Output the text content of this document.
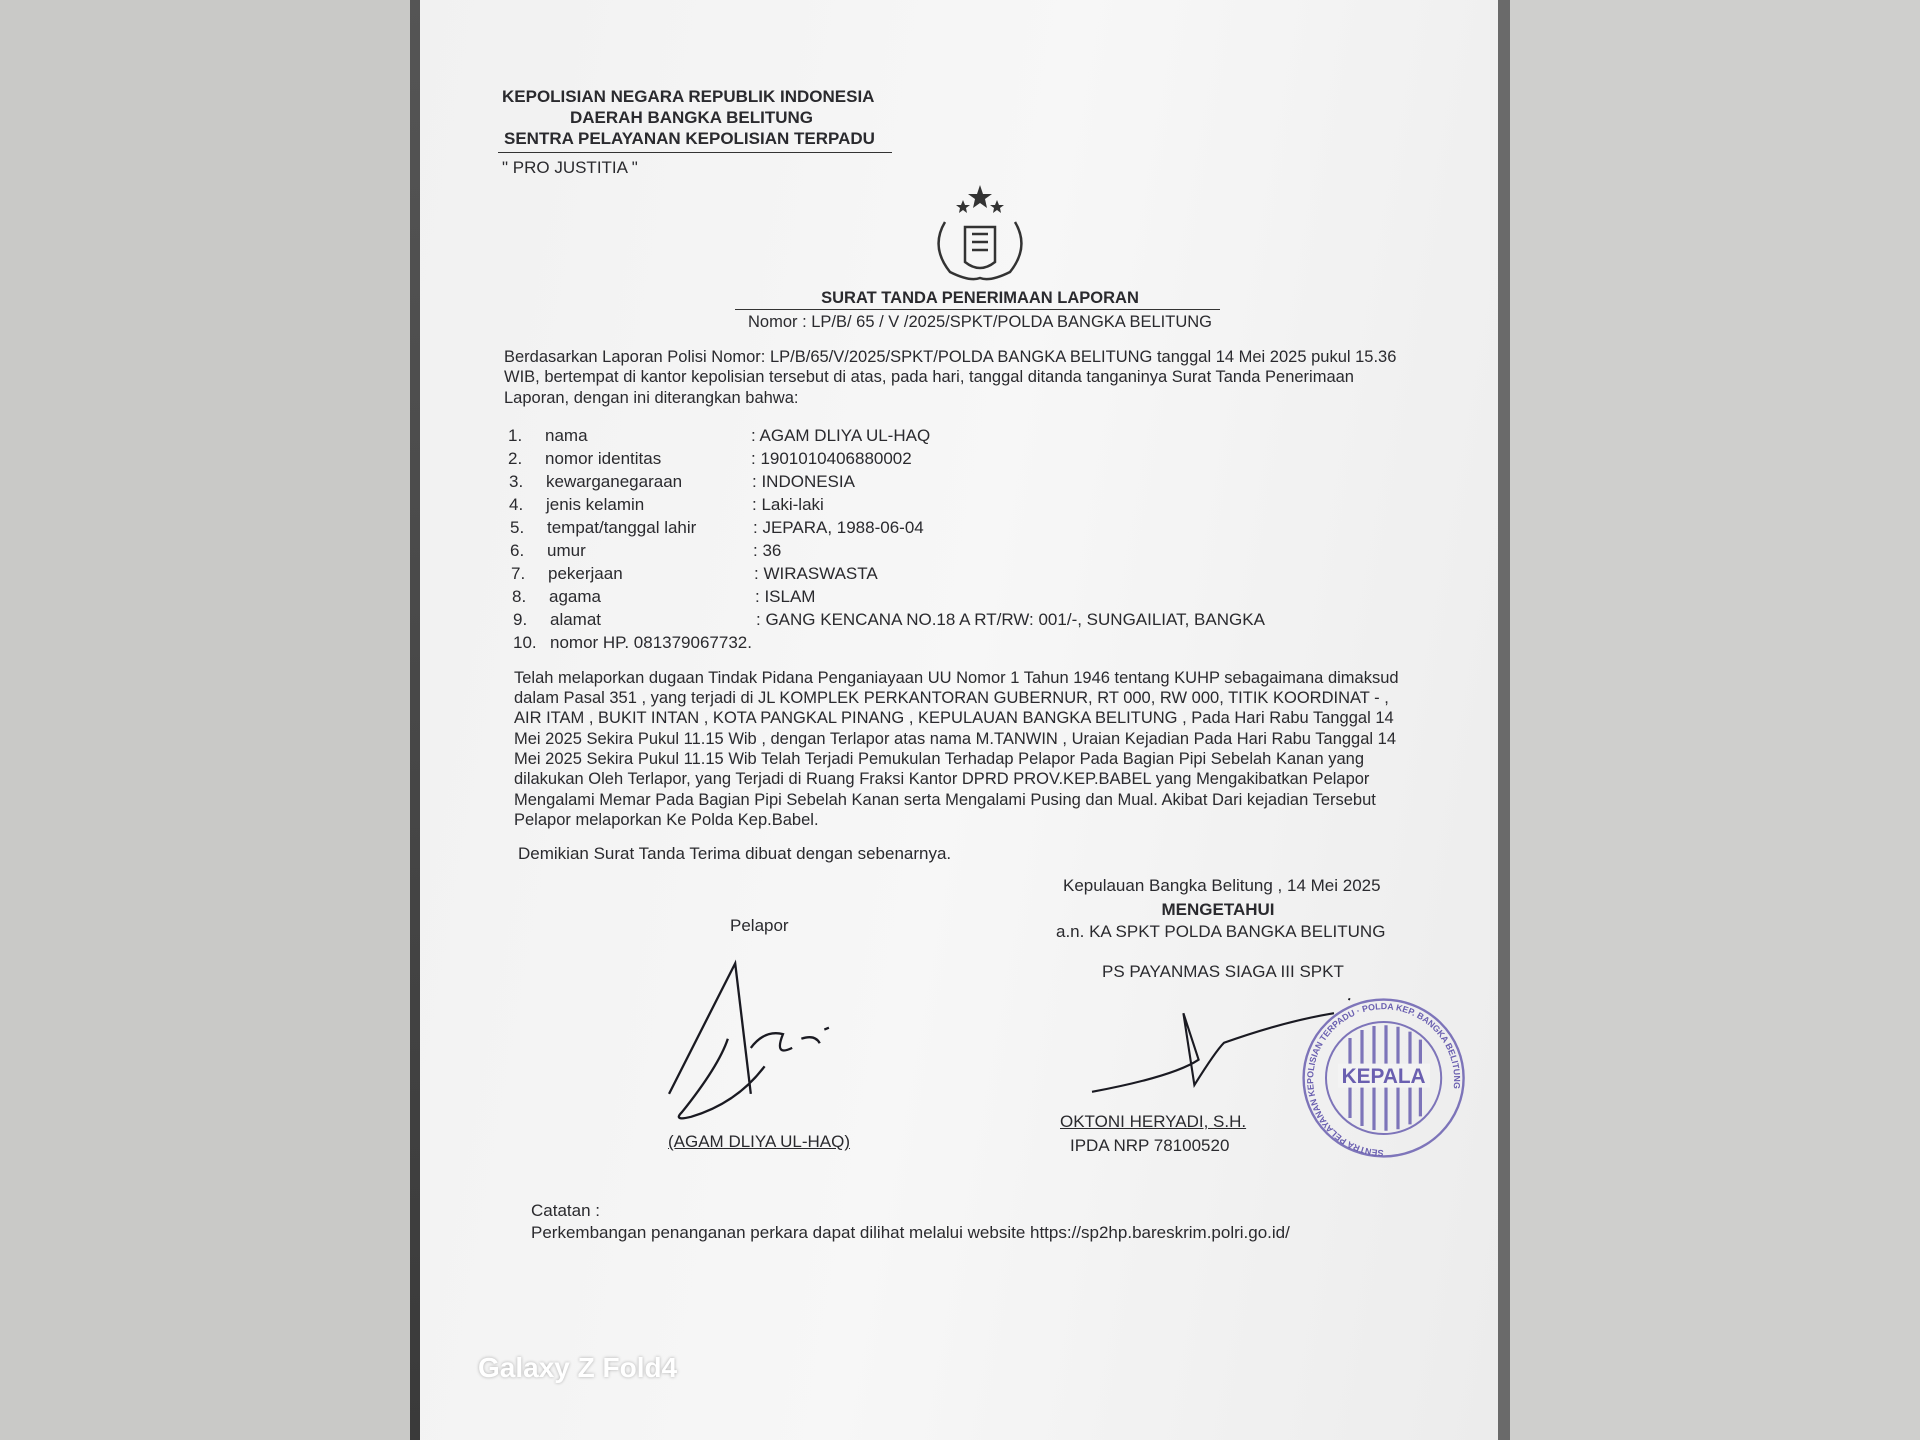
KEPOLISIAN NEGARA REPUBLIK INDONESIA
DAERAH BANGKA BELITUNG
SENTRA PELAYANAN KEPOLISIAN TERPADU
" PRO JUSTITIA "
SURAT TANDA PENERIMAAN LAPORAN
Nomor : LP/B/ 65 / V /2025/SPKT/POLDA BANGKA BELITUNG
Berdasarkan Laporan Polisi Nomor: LP/B/65/V/2025/SPKT/POLDA BANGKA BELITUNG tanggal 14 Mei 2025 pukul 15.36
WIB, bertempat di kantor kepolisian tersebut di atas, pada hari, tanggal ditanda tanganinya Surat Tanda Penerimaan
Laporan, dengan ini diterangkan bahwa:
1. nama	: AGAM DLIYA UL-HAQ
2. nomor identitas	: 1901010406880002
3. kewarganegaraan	: INDONESIA
4. jenis kelamin	: Laki-laki
5. tempat/tanggal lahir	: JEPARA, 1988-06-04
6. umur	: 36
7. pekerjaan	: WIRASWASTA
8. agama	: ISLAM
9. alamat	: GANG KENCANA NO.18 A RT/RW: 001/-, SUNGAILIAT, BANGKA
10. nomor HP. 081379067732.
Telah melaporkan dugaan Tindak Pidana Penganiayaan UU Nomor 1 Tahun 1946 tentang KUHP sebagaimana dimaksud
dalam Pasal 351 , yang terjadi di JL KOMPLEK PERKANTORAN GUBERNUR, RT 000, RW 000, TITIK KOORDINAT - ,
AIR ITAM , BUKIT INTAN , KOTA PANGKAL PINANG , KEPULAUAN BANGKA BELITUNG , Pada Hari Rabu Tanggal 14
Mei 2025 Sekira Pukul 11.15 Wib , dengan Terlapor atas nama M.TANWIN , Uraian Kejadian Pada Hari Rabu Tanggal 14
Mei 2025 Sekira Pukul 11.15 Wib Telah Terjadi Pemukulan Terhadap Pelapor Pada Bagian Pipi Sebelah Kanan yang
dilakukan Oleh Terlapor, yang Terjadi di Ruang Fraksi Kantor DPRD PROV.KEP.BABEL yang Mengakibatkan Pelapor
Mengalami Memar Pada Bagian Pipi Sebelah Kanan serta Mengalami Pusing dan Mual. Akibat Dari kejadian Tersebut
Pelapor melaporkan Ke Polda Kep.Babel.
Demikian Surat Tanda Terima dibuat dengan sebenarnya.
Kepulauan Bangka Belitung , 14 Mei 2025
MENGETAHUI
a.n. KA SPKT POLDA BANGKA BELITUNG
PS PAYANMAS SIAGA III SPKT
Pelapor
(AGAM DLIYA UL-HAQ)
SENTRA PELAYANAN KEPOLISIAN TERPADU · POLDA KEP. BANGKA BELITUNG
KEPALA
OKTONI HERYADI, S.H.
IPDA NRP 78100520
Catatan :
Perkembangan penanganan perkara dapat dilihat melalui website https://sp2hp.bareskrim.polri.go.id/
Galaxy Z Fold4
